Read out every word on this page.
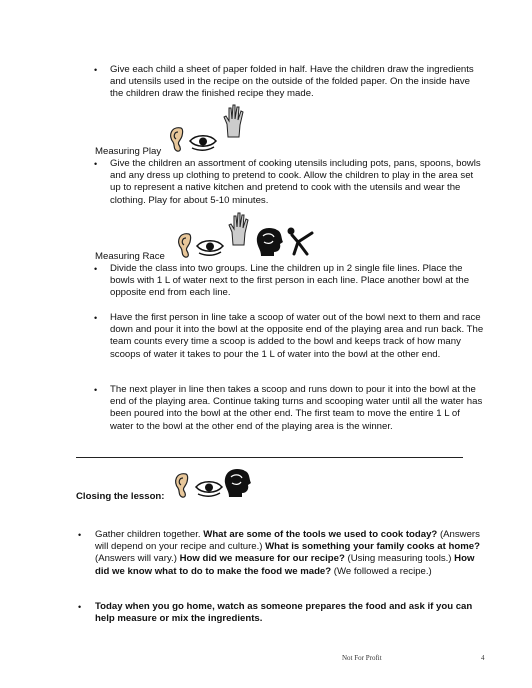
•	Give each child a sheet of paper folded in half. Have the children draw the ingredients and utensils used in the recipe on the outside of the folded paper. On the inside have the children draw the finished recipe they made.
Measuring Play
•	Give the children an assortment of cooking utensils including pots, pans, spoons, bowls and any dress up clothing to pretend to cook. Allow the children to play in the area set up to represent a native kitchen and pretend to cook with the utensils and wear the clothing. Play for about 5-10 minutes.
Measuring Race
•	Divide the class into two groups. Line the children up in 2 single file lines. Place the bowls with 1 L of water next to the first person in each line. Place another bowl at the opposite end from each line.
•	Have the first person in line take a scoop of water out of the bowl next to them and race down and pour it into the bowl at the opposite end of the playing area and run back. The team counts every time a scoop is added to the bowl and keeps track of how many scoops of water it takes to pour the 1 L of water into the bowl at the other end.
•	The next player in line then takes a scoop and runs down to pour it into the bowl at the end of the playing area. Continue taking turns and scooping water until all the water has been poured into the bowl at the other end. The first team to move the entire 1 L of water to the bowl at the other end of the playing area is the winner.
Closing the lesson:
•	Gather children together. What are some of the tools we used to cook today? (Answers will depend on your recipe and culture.) What is something your family cooks at home? (Answers will vary.) How did we measure for our recipe? (Using measuring tools.) How did we know what to do to make the food we made? (We followed a recipe.)
•	Today when you go home, watch as someone prepares the food and ask if you can help measure or mix the ingredients.
Not For Profit	4
